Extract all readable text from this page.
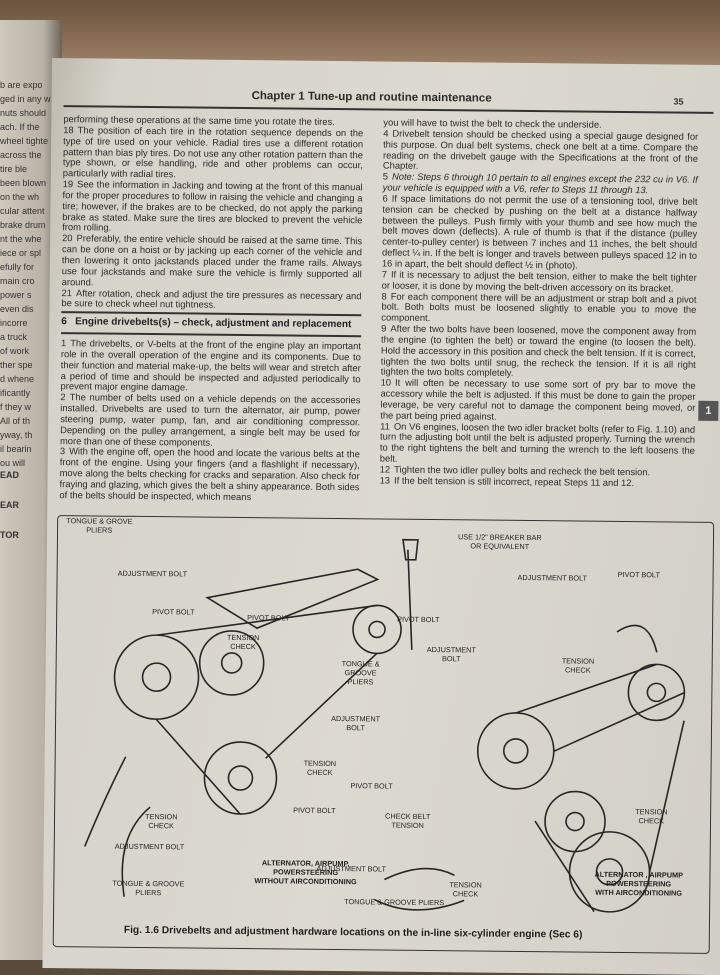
b are expo
ged in any w
nuts should
ach. If the
wheel tighte
across the
tire ble
been blown
on the wh
cular attent
brake drum
nt the whe
iece or spl
efully for
main cro
power s
even dis
incorre
a truck
of work
ther spe
d whene
ificantly
f they w
All of th
yway, th
il bearin
ou will
EAD
EAR
TOR
Chapter 1 Tune-up and routine maintenance	35

performing these operations at the same time you rotate the tires.

18 The position of each tire in the rotation sequence depends on the type of tire used on your vehicle. Radial tires use a different rotation pattern than bias ply tires. Do not use any other rotation pattern than the type shown, or else handling, ride and other problems can occur, particularly with radial tires.

19 See the information in Jacking and towing at the front of this manual for the proper procedures to follow in raising the vehicle and changing a tire; however, if the brakes are to be checked, do not apply the parking brake as stated. Make sure the tires are blocked to prevent the vehicle from rolling.

20 Preferably, the entire vehicle should be raised at the same time. This can be done on a hoist or by jacking up each corner of the vehicle and then lowering it onto jackstands placed under the frame rails. Always use four jackstands and make sure the vehicle is firmly supported all around.

21 After rotation, check and adjust the tire pressures as necessary and be sure to check wheel nut tightness.

6 Engine drivebelts(s) – check, adjustment and replacement

1 The drivebelts, or V-belts at the front of the engine play an important role in the overall operation of the engine and its components. Due to their function and material make-up, the belts will wear and stretch after a period of time and should be inspected and adjusted periodically to prevent major engine damage.

2 The number of belts used on a vehicle depends on the accessories installed. Drivebelts are used to turn the alternator, air pump, power steering pump, water pump, fan, and air conditioning compressor. Depending on the pulley arrangement, a single belt may be used for more than one of these components.

3 With the engine off, open the hood and locate the various belts at the front of the engine. Using your fingers (and a flashlight if necessary), move along the belts checking for cracks and separation. Also check for fraying and glazing, which gives the belt a shiny appearance. Both sides of the belts should be inspected, which means

you will have to twist the belt to check the underside.

4 Drivebelt tension should be checked using a special gauge designed for this purpose. On dual belt systems, check one belt at a time. Compare the reading on the drivebelt gauge with the Specifications at the front of the Chapter.

5 Note: Steps 6 through 10 pertain to all engines except the 232 cu in V6. If your vehicle is equipped with a V6, refer to Steps 11 through 13.

6 If space limitations do not permit the use of a tensioning tool, drive belt tension can be checked by pushing on the belt at a distance halfway between the pulleys. Push firmly with your thumb and see how much the belt moves down (deflects). A rule of thumb is that if the distance (pulley center-to-pulley center) is between 7 inches and 11 inches, the belt should deflect ¼ in. If the belt is longer and travels between pulleys spaced 12 in to 16 in apart, the belt should deflect ½ in (photo).

7 If it is necessary to adjust the belt tension, either to make the belt tighter or looser, it is done by moving the belt-driven accessory on its bracket.

8 For each component there will be an adjustment or strap bolt and a pivot bolt. Both bolts must be loosened slightly to enable you to move the component.

9 After the two bolts have been loosened, move the component away from the engine (to tighten the belt) or toward the engine (to loosen the belt). Hold the accessory in this position and check the belt tension. If it is correct, tighten the two bolts until snug, the recheck the tension. If it is all right tighten the two bolts completely.

10 It will often be necessary to use some sort of pry bar to move the accessory while the belt is adjusted. If this must be done to gain the proper leverage, be very careful not to damage the component being moved, or the part being pried against.

11 On V6 engines, loosen the two idler bracket bolts (refer to Fig. 1.10) and turn the adjusting bolt until the belt is adjusted properly. Turning the wrench to the right tightens the belt and turning the wrench to the left loosens the belt.

12 Tighten the two idler pulley bolts and recheck the belt tension.

13 If the belt tension is still incorrect, repeat Steps 11 and 12.

1
TONGUE & GROVE
PLIERS
ADJUSTMENT BOLT
PIVOT BOLT
PIVOT BOLT
TENSION
CHECK
TONGUE &
GROOVE
PLIERS
ADJUSTMENT
BOLT
TENSION
CHECK
PIVOT BOLT
TENSION
CHECK
ADJUSTMENT BOLT
TONGUE & GROOVE
PLIERS
ALTERNATOR, AIRPUMP,
POWERSTEERING
WITHOUT AIRCONDITIONING
USE 1/2" BREAKER BAR
OR EQUIVALENT
PIVOT BOLT
ADJUSTMENT BOLT	PIVOT BOLT
ADJUSTMENT
BOLT	TENSION
CHECK
PIVOT BOLT
CHECK BELT
TENSION
TENSION
CHECK
ADJUSTMENT BOLT
TENSION
CHECK
TONGUE & GROOVE PLIERS
ALTERNATOR , AIRPUMP
POWERSTEERING
WITH AIRCONDITIONING
Fig. 1.6 Drivebelts and adjustment hardware locations on the in-line six-cylinder engine (Sec 6)
